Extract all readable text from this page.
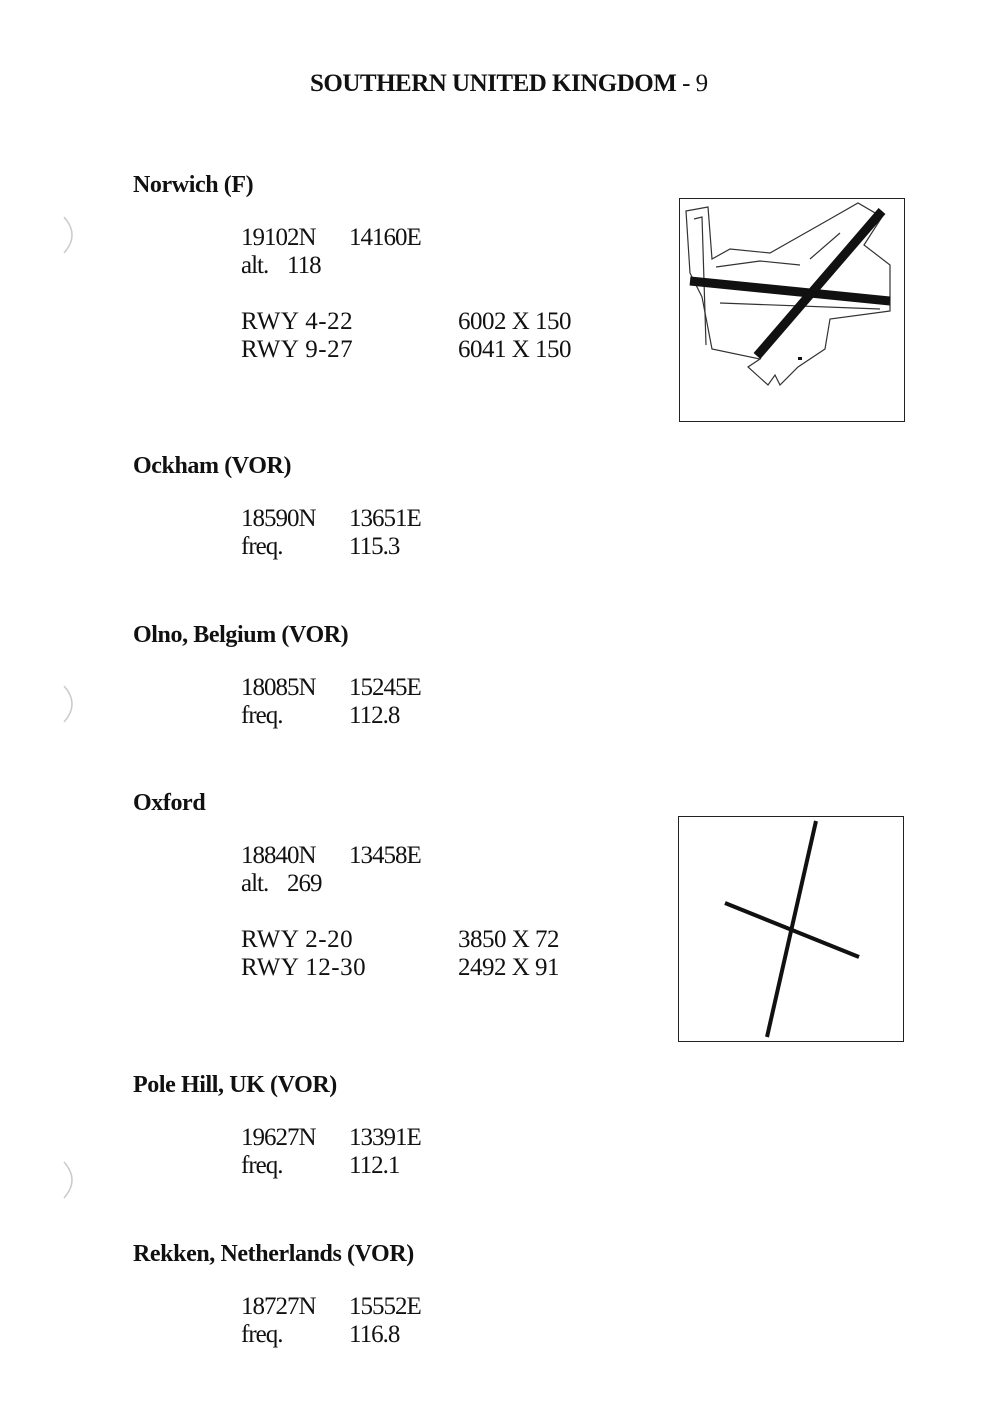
SOUTHERN UNITED KINGDOM - 9
Norwich (F)
19102N 14160E
alt. 118
RWY 4-22	6002 X 150
RWY 9-27	6041 X 150
Ockham (VOR)
18590N 13651E
freq.	115.3
Olno, Belgium (VOR)
18085N 15245E
freq.	112.8
Oxford
18840N 13458E
alt. 269
RWY 2-20	3850 X 72
RWY 12-30	2492 X 91
Pole Hill, UK (VOR)
19627N 13391E
freq.	112.1
Rekken, Netherlands (VOR)
18727N 15552E
freq.	116.8
